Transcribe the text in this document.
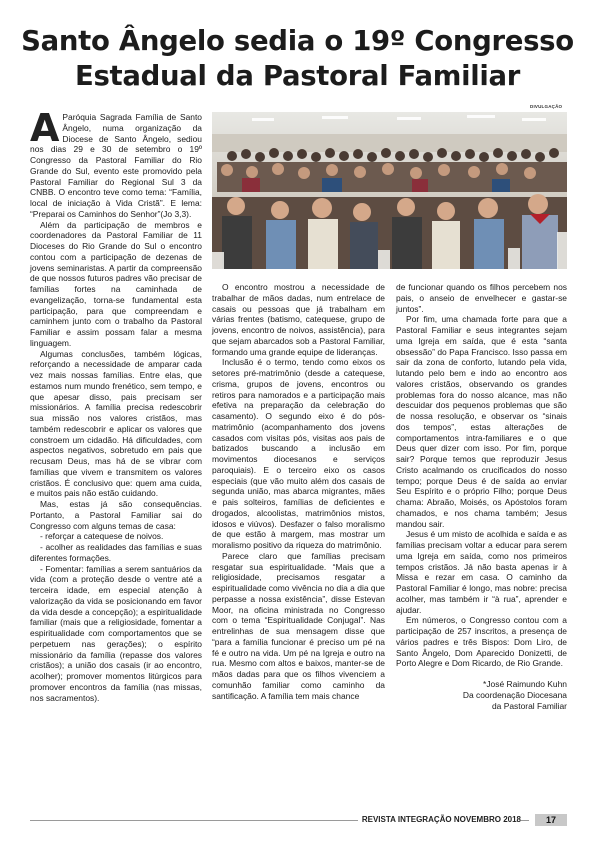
Santo Ângelo sedia o 19º Congresso Estadual da Pastoral Familiar
DIVULGAÇÃO
A Paróquia Sagrada Família de Santo Ângelo, numa organização da Diocese de Santo Ângelo, sediou nos dias 29 e 30 de setembro o 19º Congresso da Pastoral Familiar do Rio Grande do Sul, evento este promovido pela Pastoral Familiar do Regional Sul 3 da CNBB. O encontro teve como tema: “Família, local de iniciação à Vida Cristã”. E lema: “Preparai os Caminhos do Senhor”(Jo 3,3).

Além da participação de membros e coordenadores da Pastoral Familiar de 11 Dioceses do Rio Grande do Sul o encontro contou com a participação de dezenas de jovens seminaristas. A partir da compreensão de que nossos futuros padres vão precisar de famílias fortes na caminhada de evangelização, torna-se fundamental esta participação, para que compreendam e caminhem junto com o trabalho da Pastoral Familiar e assim possam falar a mesma linguagem.

Algumas conclusões, também lógicas, reforçando a necessidade de amparar cada vez mais nossas famílias. Entre elas, que estamos num mundo frenético, sem tempo, e que apesar disso, pais precisam ser missionários. A família precisa redescobrir sua missão nos valores cristãos, mas também redescobrir e aplicar os valores que constroem um cidadão. Há dificuldades, com aspectos negativos, sobretudo em pais que recusam Deus, mas há de se vibrar com famílias que vivem e transmitem os valores cristãos. É conclusivo que: quem ama cuida, e muitos pais não estão cuidando.

Mas, estas já são consequências. Portanto, a Pastoral Familiar sai do Congresso com alguns temas de casa:

- reforçar a catequese de noivos.

- acolher as realidades das famílias e suas diferentes formações.

- Fomentar: famílias a serem santuários da vida (com a proteção desde o ventre até a terceira idade, em especial atenção à valorização da vida se posicionando em favor da vida desde a concepção); a espiritualidade familiar (mais que a religiosidade, fomentar a espiritualidade com comportamentos que se perpetuem nas gerações); o espírito missionário da família (repasse dos valores cristãos); a união dos casais (ir ao encontro, acolher); promover momentos litúrgicos para promover encontros da família (nas missas, nos sacramentos).

O encontro mostrou a necessidade de trabalhar de mãos dadas, num entrelace de casais ou pessoas que já trabalham em várias frentes (batismo, catequese, grupo de jovens, encontro de noivos, assistência), para que sejam abarcados sob a Pastoral Familiar, formando uma grande equipe de lideranças.

Inclusão é o termo, tendo como eixos os setores pré-matrimônio (desde a catequese, crisma, grupos de jovens, encontros ou retiros para namorados e a participação mais efetiva na preparação da celebração do casamento). O segundo eixo é do pós-matrimônio (acompanhamento dos jovens casados com visitas pós, visitas aos pais de batizados buscando a inclusão em movimentos diocesanos e serviços paroquiais). E o terceiro eixo os casos especiais (que vão muito além dos casais de segunda união, mas abarca migrantes, mães e pais solteiros, famílias de deficientes e drogados, alcoolistas, matrimônios mistos, idosos e viúvos). Desfazer o falso moralismo de que estão à margem, mas mostrar um moralismo positivo da riqueza do matrimônio.

Parece claro que famílias precisam resgatar sua espiritualidade. “Mais que a religiosidade, precisamos resgatar a espiritualidade como vivência no dia a dia que perpasse a nossa existência”, disse Estevan Moor, na oficina ministrada no Congresso com o tema “Espiritualidade Conjugal”. Nas entrelinhas de sua mensagem disse que “para a família funcionar é preciso um pé na fé e outro na vida. Um pé na Igreja e outro na rua. Mesmo com altos e baixos, manter-se de mãos dadas para que os filhos vivenciem a comunhão familiar como caminho da santificação. A família tem mais chance

de funcionar quando os filhos percebem nos pais, o anseio de envelhecer e gastar-se juntos”.

Por fim, uma chamada forte para que a Pastoral Familiar e seus integrantes sejam uma Igreja em saída, que é esta “santa obsessão” do Papa Francisco. Isso passa em sair da zona de conforto, lutando pela vida, lutando pelo bem e indo ao encontro aos valores cristãos, observando os grandes problemas fora do nosso alcance, mas não descuidar dos pequenos problemas que são de nossa resolução, e observar os “sinais dos tempos”, estas alterações de comportamentos intra-familiares e o que Deus quer dizer com isso. Por fim, porque sair? Porque temos que reproduzir Jesus Cristo acalmando os crucificados do nosso tempo; porque Deus é de saída ao enviar Seu Espírito e o próprio Filho; porque Deus chama: Abraão, Moisés, os Apóstolos foram chamados, e nos chama também; Jesus mandou sair.

Jesus é um misto de acolhida e saída e as famílias precisam voltar a educar para serem uma Igreja em saída, como nos primeiros tempos cristãos. Já não basta apenas ir à Missa e rezar em casa. O caminho da Pastoral Familiar é longo, mas nobre: precisa acolher, mas também ir “à rua”, aprender e ajudar.

Em números, o Congresso contou com a participação de 257 inscritos, a presença de vários padres e três Bispos: Dom Liro, de Santo Ângelo, Dom Aparecido Donizetti, de Porto Alegre e Dom Ricardo, de Rio Grande.

*José Raimundo Kuhn
Da coordenação Diocesana
da Pastoral Familiar
REVISTA INTEGRAÇÃO NOVEMBRO 2018	17
